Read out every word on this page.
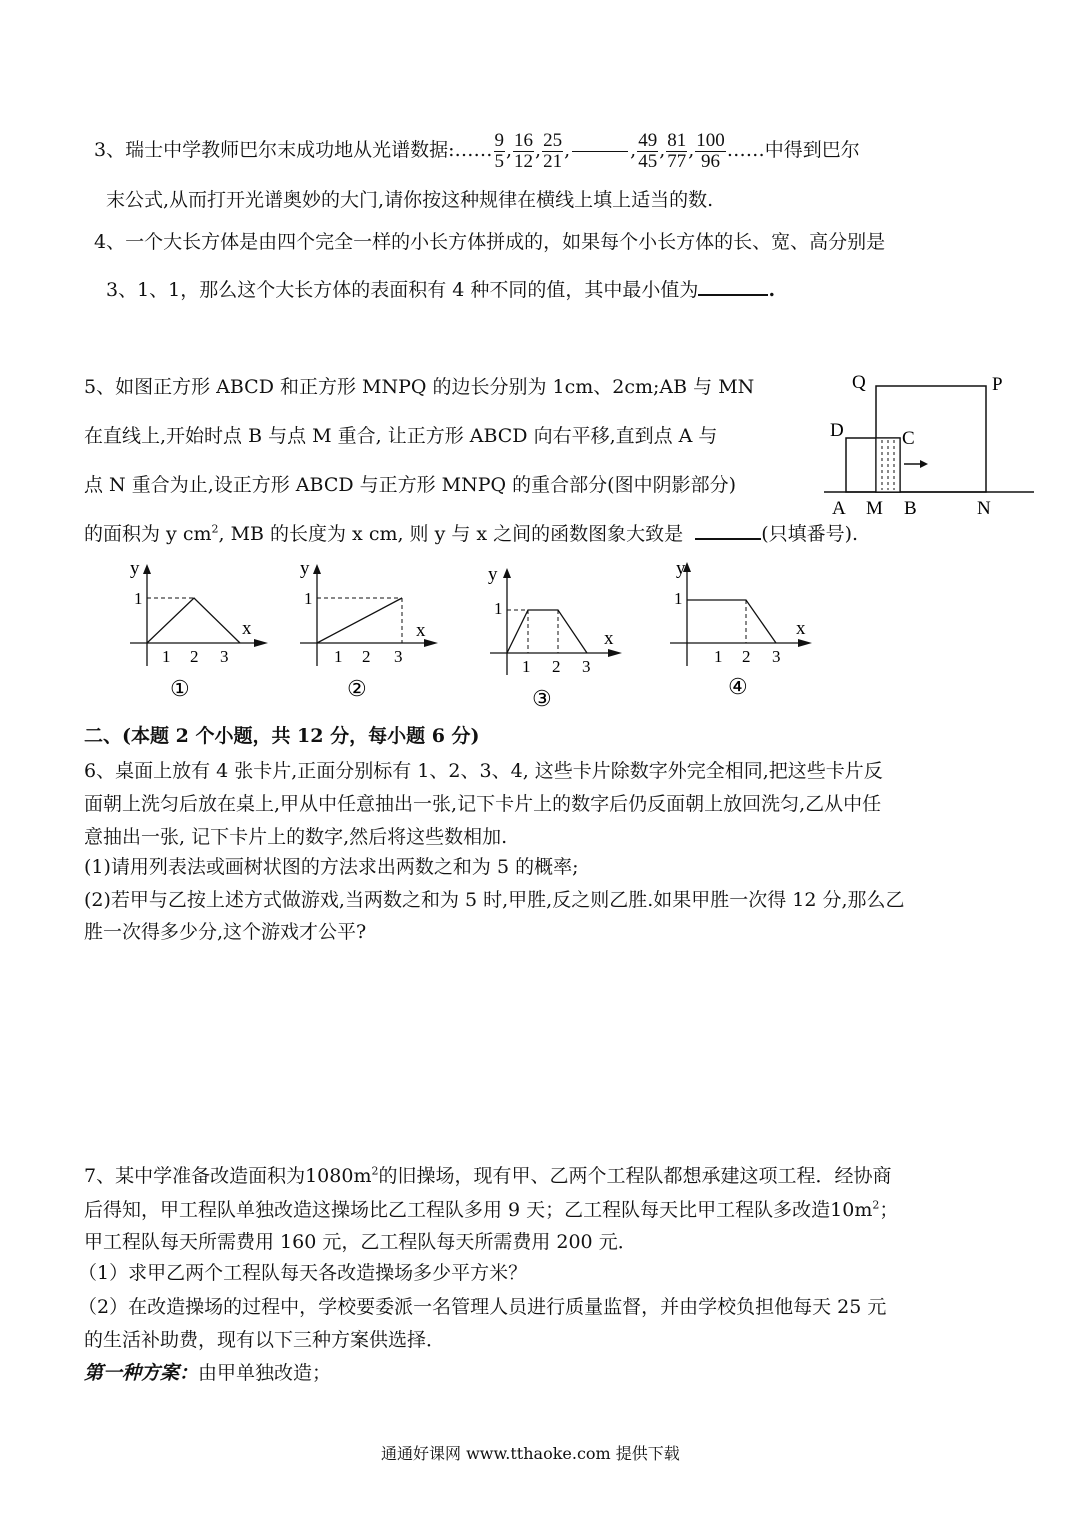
3、瑞士中学教师巴尔末成功地从光谱数据:…… $\frac{9}{5}$ , $\frac{16}{12}$ , $\frac{25}{21}$ ,	, $\frac{49}{45}$ , $\frac{81}{77}$ , $\frac{100}{96}$ ……中得到巴尔
末公式,从而打开光谱奥妙的大门,请你按这种规律在横线上填上适当的数.
4、一个大长方体是由四个完全一样的小长方体拼成的，如果每个小长方体的长、宽、高分别是
3、1、1，那么这个大长方体的表面积有 4 种不同的值，其中最小值为	.
5、如图正方形 ABCD 和正方形 MNPQ 的边长分别为 1cm、2cm;AB 与 MN
在直线上,开始时点 B 与点 M 重合, 让正方形 ABCD 向右平移,直到点 A 与
点 N 重合为止,设正方形 ABCD 与正方形 MNPQ 的重合部分(图中阴影部分)
的面积为 y $cm^2$, MB 的长度为 x cm, 则 y 与 x 之间的函数图象大致是	(只填番号).
Q	P
D	C
A M B	N
y
x
1
1 2 3
①
y
x
1
1 2 3
②
y
x
1
1 2 3
③
y
x
1
1 2 3
④
二、(本题 2 个小题，共 12 分，每小题 6 分)
6、桌面上放有 4 张卡片,正面分别标有 1、2、3、4, 这些卡片除数字外完全相同,把这些卡片反
面朝上洗匀后放在桌上,甲从中任意抽出一张,记下卡片上的数字后仍反面朝上放回洗匀,乙从中任
意抽出一张, 记下卡片上的数字,然后将这些数相加.
(1)请用列表法或画树状图的方法求出两数之和为 5 的概率;
(2)若甲与乙按上述方式做游戏,当两数之和为 5 时,甲胜,反之则乙胜.如果甲胜一次得 12 分,那么乙
胜一次得多少分,这个游戏才公平?
7、某中学准备改造面积为$1080m^2$的旧操场，现有甲、乙两个工程队都想承建这项工程．经协商
后得知，甲工程队单独改造这操场比乙工程队多用 9 天；乙工程队每天比甲工程队多改造$10m^2$；
甲工程队每天所需费用 160 元，乙工程队每天所需费用 200 元．
（1）求甲乙两个工程队每天各改造操场多少平方米？
（2）在改造操场的过程中，学校要委派一名管理人员进行质量监督，并由学校负担他每天 25 元
的生活补助费，现有以下三种方案供选择．
第一种方案：由甲单独改造；
通通好课网 www.tthaoke.com 提供下载
